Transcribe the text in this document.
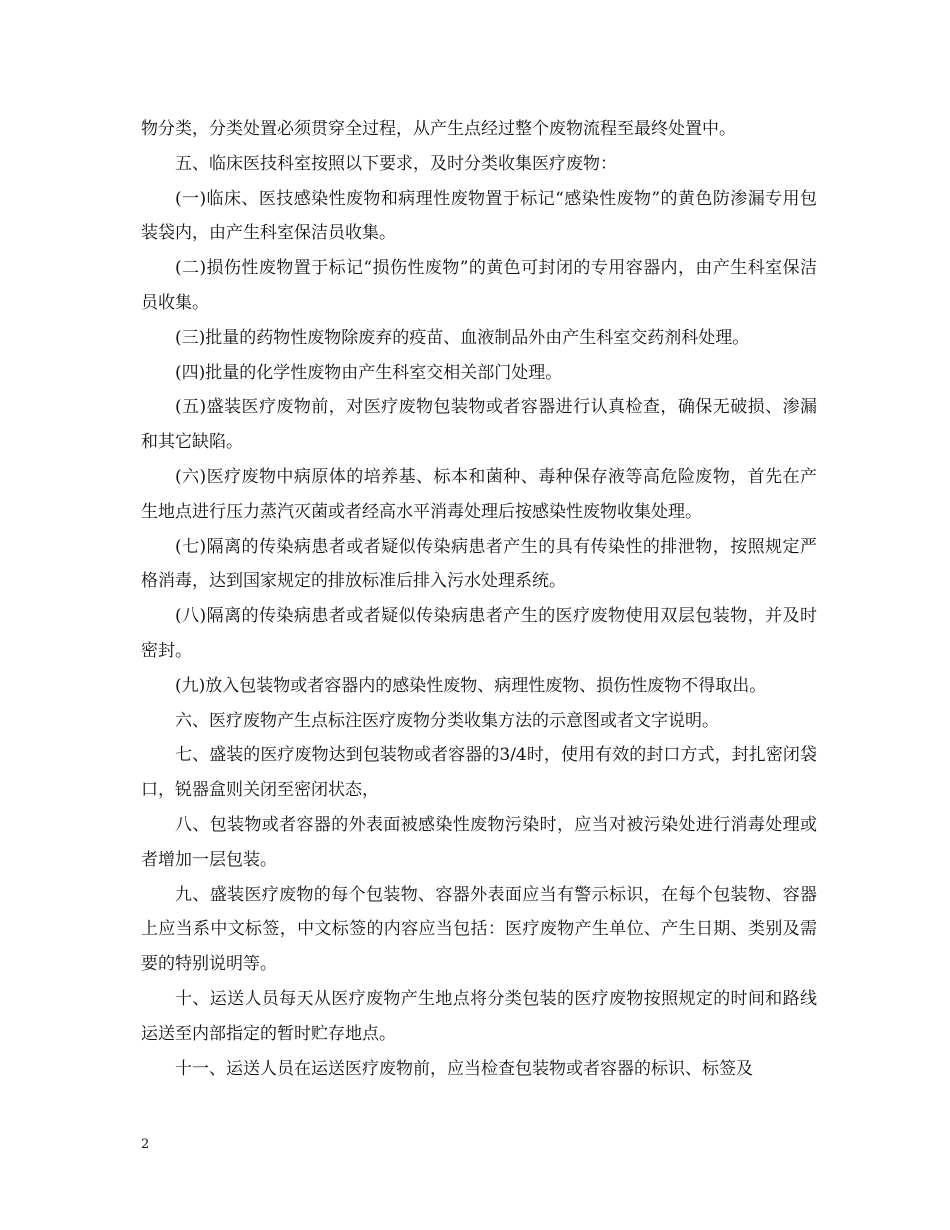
物分类，分类处置必须贯穿全过程，从产生点经过整个废物流程至最终处置中。

五、临床医技科室按照以下要求，及时分类收集医疗废物：

(一)临床、医技感染性废物和病理性废物置于标记“感染性废物”的黄色防渗漏专用包装袋内，由产生科室保洁员收集。

(二)损伤性废物置于标记“损伤性废物”的黄色可封闭的专用容器内，由产生科室保洁员收集。

(三)批量的药物性废物除废弃的疫苗、血液制品外由产生科室交药剂科处理。

(四)批量的化学性废物由产生科室交相关部门处理。

(五)盛装医疗废物前，对医疗废物包装物或者容器进行认真检查，确保无破损、渗漏和其它缺陷。

(六)医疗废物中病原体的培养基、标本和菌种、毒种保存液等高危险废物，首先在产生地点进行压力蒸汽灭菌或者经高水平消毒处理后按感染性废物收集处理。

(七)隔离的传染病患者或者疑似传染病患者产生的具有传染性的排泄物，按照规定严格消毒，达到国家规定的排放标准后排入污水处理系统。

(八)隔离的传染病患者或者疑似传染病患者产生的医疗废物使用双层包装物，并及时密封。

(九)放入包装物或者容器内的感染性废物、病理性废物、损伤性废物不得取出。

六、医疗废物产生点标注医疗废物分类收集方法的示意图或者文字说明。

七、盛装的医疗废物达到包装物或者容器的3/4时，使用有效的封口方式，封扎密闭袋口，锐器盒则关闭至密闭状态，

八、包装物或者容器的外表面被感染性废物污染时，应当对被污染处进行消毒处理或者增加一层包装。

九、盛装医疗废物的每个包装物、容器外表面应当有警示标识，在每个包装物、容器上应当系中文标签，中文标签的内容应当包括：医疗废物产生单位、产生日期、类别及需要的特别说明等。

十、运送人员每天从医疗废物产生地点将分类包装的医疗废物按照规定的时间和路线运送至内部指定的暂时贮存地点。

十一、运送人员在运送医疗废物前，应当检查包装物或者容器的标识、标签及

2
